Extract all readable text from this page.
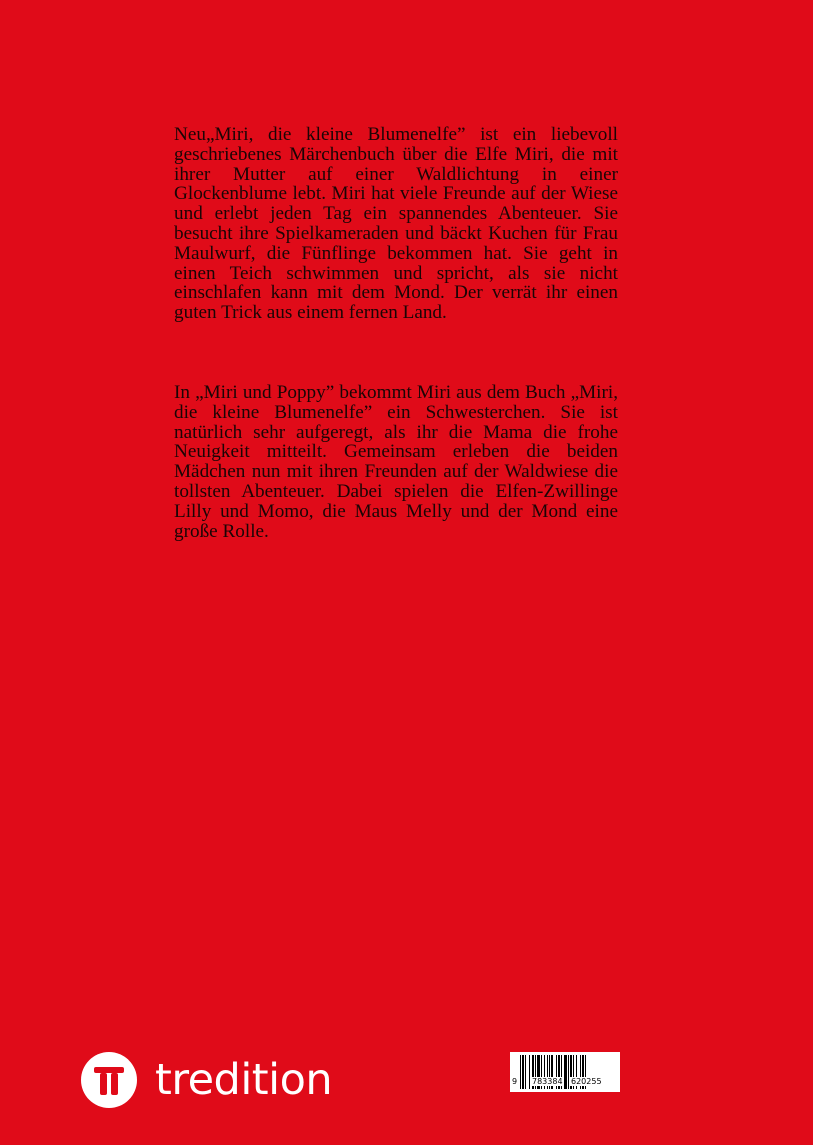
Neu„Miri, die kleine Blumenelfe” ist ein liebevoll geschriebenes Märchenbuch über die Elfe Miri, die mit ihrer Mutter auf einer Waldlichtung in einer Glockenblume lebt. Miri hat viele Freunde auf der Wiese und erlebt jeden Tag ein spannendes Abenteuer. Sie besucht ihre Spielkameraden und bäckt Kuchen für Frau Maulwurf, die Fünflinge bekommen hat. Sie geht in einen Teich schwimmen und spricht, als sie nicht einschlafen kann mit dem Mond. Der verrät ihr einen guten Trick aus einem fernen Land.

In „Miri und Poppy” bekommt Miri aus dem Buch „Miri, die kleine Blumenelfe” ein Schwesterchen. Sie ist natürlich sehr aufgeregt, als ihr die Mama die frohe Neuigkeit mitteilt. Gemeinsam erleben die beiden Mädchen nun mit ihren Freunden auf der Waldwiese die tollsten Abenteuer. Dabei spielen die Elfen-Zwillinge Lilly und Momo, die Maus Melly und der Mond eine große Rolle.

tredition	9 783384 620255
